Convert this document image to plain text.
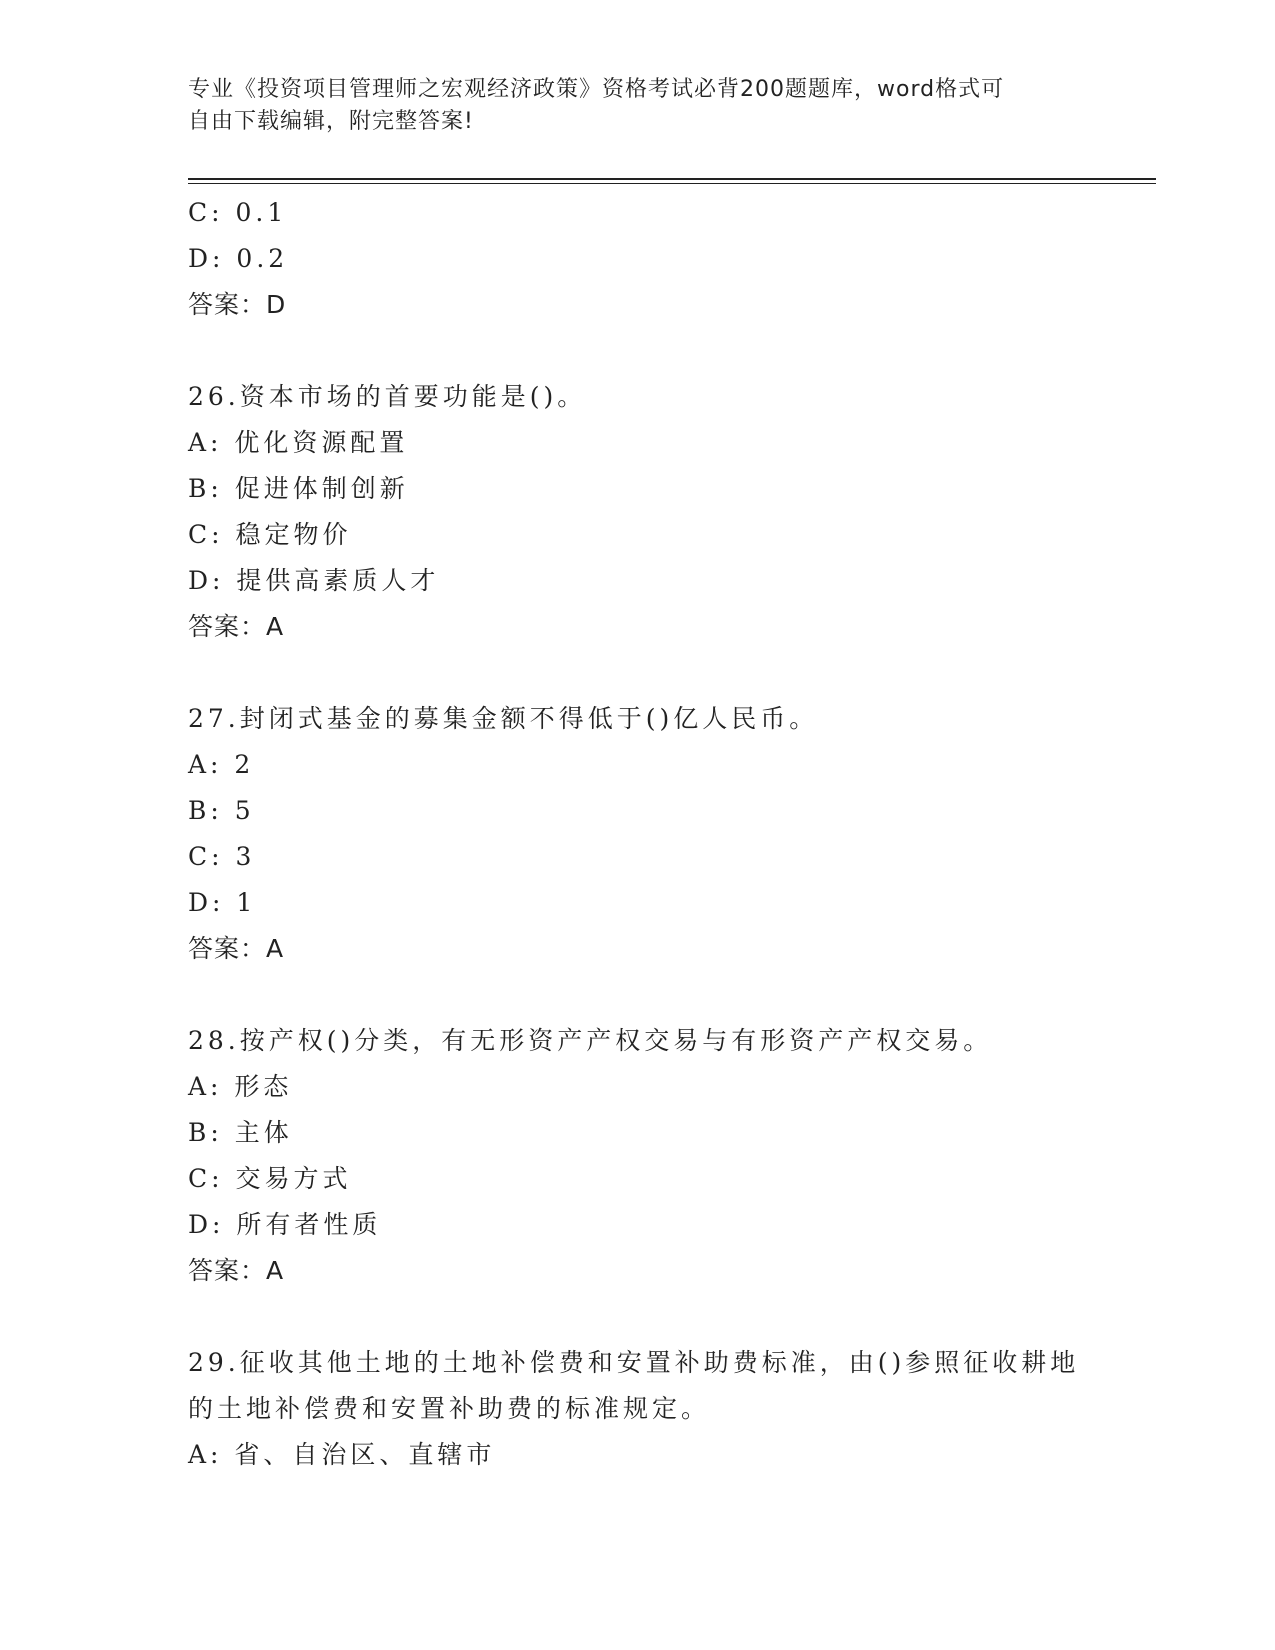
专业《投资项目管理师之宏观经济政策》资格考试必背200题题库，word格式可
自由下载编辑，附完整答案!
C: 0.1
D: 0.2
答案：D
26.资本市场的首要功能是()。
A: 优化资源配置
B: 促进体制创新
C: 稳定物价
D: 提供高素质人才
答案：A
27.封闭式基金的募集金额不得低于()亿人民币。
A: 2
B: 5
C: 3
D: 1
答案：A
28.按产权()分类，有无形资产产权交易与有形资产产权交易。
A: 形态
B: 主体
C: 交易方式
D: 所有者性质
答案：A
29.征收其他土地的土地补偿费和安置补助费标准，由()参照征收耕地
的土地补偿费和安置补助费的标准规定。
A: 省、自治区、直辖市
